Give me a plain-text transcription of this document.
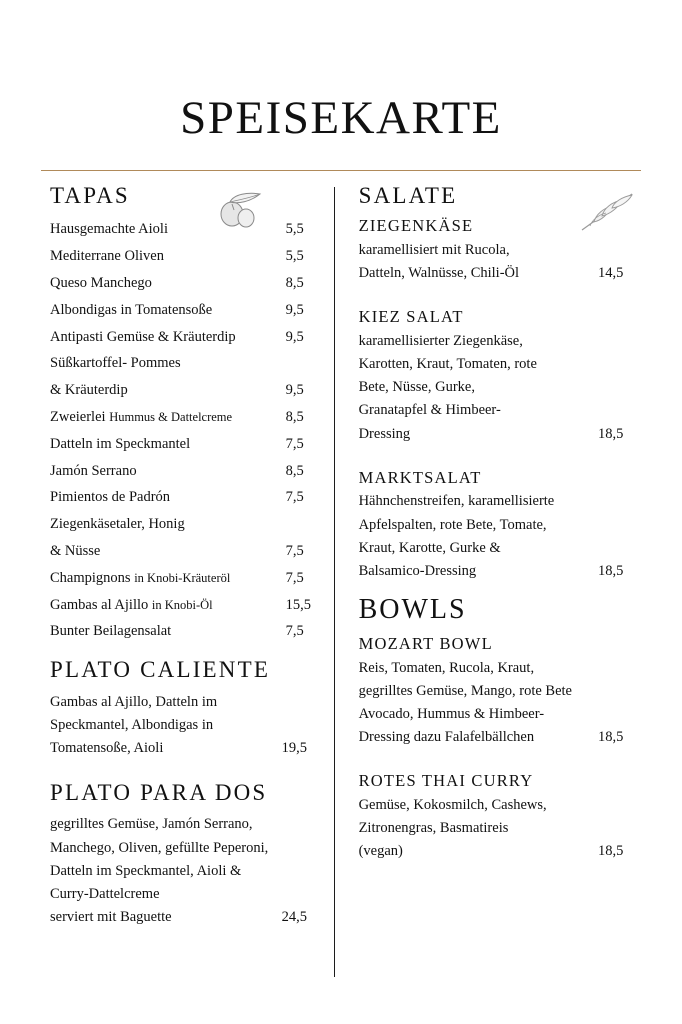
SPEISEKARTE
TAPAS
Hausgemachte Aioli	5,5
Mediterrane Oliven	5,5
Queso Manchego	8,5
Albondigas in Tomatensoße	9,5
Antipasti Gemüse & Kräuterdip	9,5
Süßkartoffel- Pommes
& Kräuterdip	9,5
Zweierlei Hummus & Dattelcreme	8,5
Datteln im Speckmantel	7,5
Jamón Serrano	8,5
Pimientos de Padrón	7,5
Ziegenkäsetaler, Honig
& Nüsse	7,5
Champignons in Knobi-Kräuteröl	7,5
Gambas al Ajillo in Knobi-Öl	15,5
Bunter Beilagensalat	7,5
PLATO CALIENTE
Gambas al Ajillo, Datteln im
Speckmantel, Albondigas in
Tomatensoße, Aioli	19,5
PLATO PARA DOS
gegrilltes Gemüse, Jamón Serrano,
Manchego, Oliven, gefüllte Peperoni,
Datteln im Speckmantel, Aioli &
Curry-Dattelcreme
serviert mit Baguette	24,5
SALATE
ZIEGENKÄSE
karamellisiert mit Rucola,
Datteln, Walnüsse, Chili-Öl	14,5
KIEZ SALAT
karamellisierter Ziegenkäse,
Karotten, Kraut, Tomaten, rote
Bete, Nüsse, Gurke,
Granatapfel & Himbeer-
Dressing	18,5
MARKTSALAT
Hähnchenstreifen, karamellisierte
Apfelspalten, rote Bete, Tomate,
Kraut, Karotte, Gurke &
Balsamico-Dressing	18,5
BOWLS
MOZART BOWL
Reis, Tomaten, Rucola, Kraut,
gegrilltes Gemüse, Mango, rote Bete
Avocado, Hummus & Himbeer-
Dressing dazu Falafelbällchen	18,5
ROTES THAI CURRY
Gemüse, Kokosmilch, Cashews,
Zitronengras, Basmatireis
(vegan)	18,5
